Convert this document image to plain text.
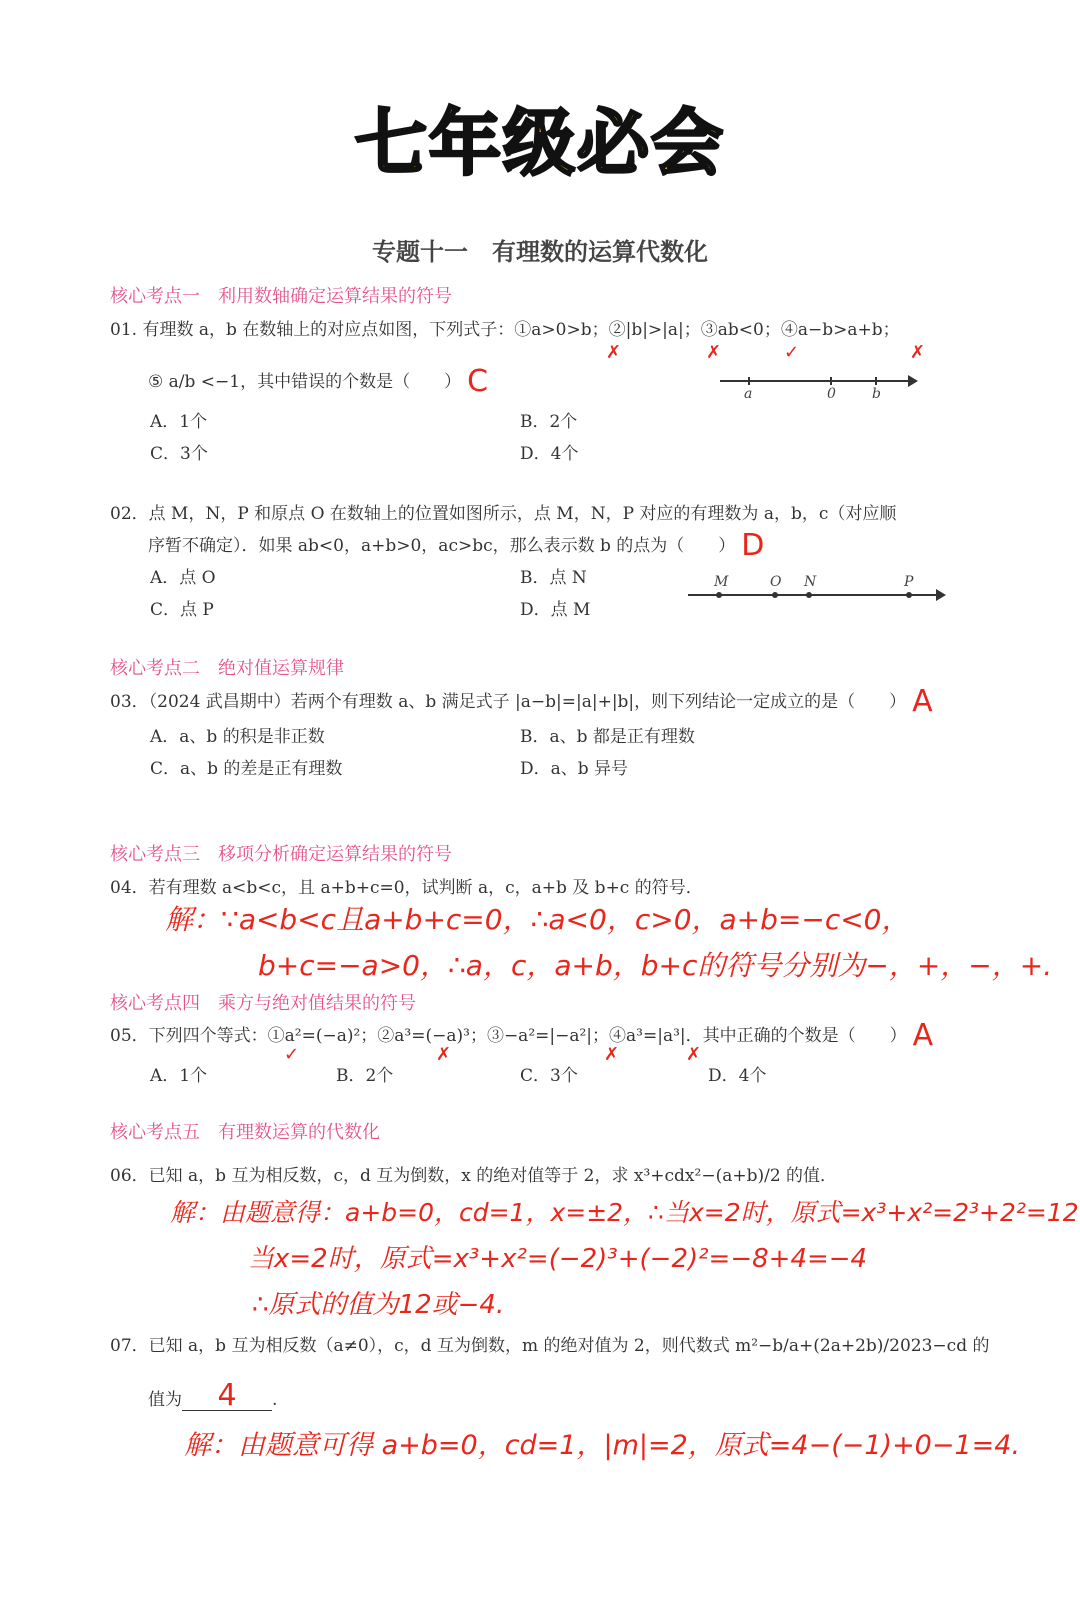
七年级必会
专题十一　有理数的运算代数化
核心考点一　利用数轴确定运算结果的符号
01. 有理数 a，b 在数轴上的对应点如图，下列式子：①a>0>b；②|b|>|a|；③ab<0；④a−b>a+b；
✗	✗	✓	✗
⑤ a/b <−1，其中错误的个数是（　　） C	a	0	b
A．1个	B．2个
C．3个	D．4个
02．点 M，N，P 和原点 O 在数轴上的位置如图所示，点 M，N，P 对应的有理数为 a，b，c（对应顺
序暂不确定）．如果 ab<0，a+b>0，ac>bc，那么表示数 b 的点为（　　） D
M	O N	P
A．点 O	B．点 N
C．点 P	D．点 M
核心考点二　绝对值运算规律
03．（2024 武昌期中）若两个有理数 a、b 满足式子 |a−b|=|a|+|b|，则下列结论一定成立的是（　　） A
A．a、b 的积是非正数	B．a、b 都是正有理数
C．a、b 的差是正有理数	D．a、b 异号
核心考点三　移项分析确定运算结果的符号
04．若有理数 a<b<c，且 a+b+c=0，试判断 a，c，a+b 及 b+c 的符号．
解：∵a<b<c且a+b+c=0，∴a<0，c>0，a+b=−c<0，
b+c=−a>0，∴a，c，a+b，b+c的符号分别为−，+，−，+.
核心考点四　乘方与绝对值结果的符号
05．下列四个等式：①a²=(−a)²；②a³=(−a)³；③−a²=|−a²|；④a³=|a³|．其中正确的个数是（　　） A
✓	✗	✗	✗
A．1个	B．2个	C．3个	D．4个
核心考点五　有理数运算的代数化
06．已知 a，b 互为相反数，c，d 互为倒数，x 的绝对值等于 2，求 x³+cdx²−(a+b)/2 的值．
解：由题意得：a+b=0，cd=1，x=±2，∴当x=2时，原式=x³+x²=2³+2²=12
当x=2时，原式=x³+x²=(−2)³+(−2)²=−8+4=−4
∴原式的值为12或−4.
07．已知 a，b 互为相反数（a≠0），c，d 互为倒数，m 的绝对值为 2，则代数式 m²−b/a+(2a+2b)/2023−cd 的
值为 4 .
解：由题意可得 a+b=0，cd=1，|m|=2，原式=4−(−1)+0−1=4.
